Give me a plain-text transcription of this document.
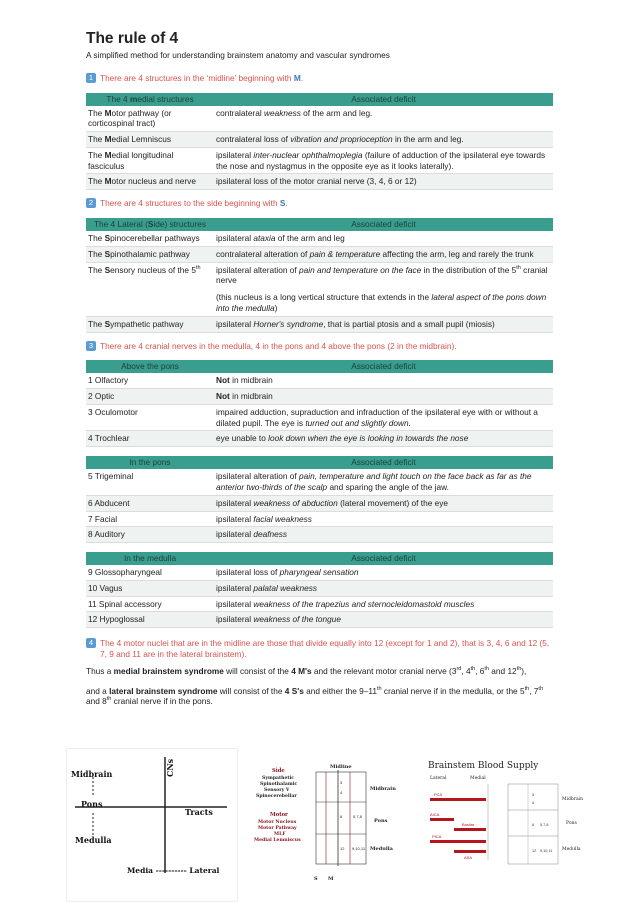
The rule of 4
A simplified method for understanding brainstem anatomy and vascular syndromes
1 There are 4 structures in the ‘midline’ beginning with M.
The 4 medial structures	Associated deficit
The Motor pathway (or corticospinal tract)	contralateral weakness of the arm and leg.
The Medial Lemniscus	contralateral loss of vibration and proprioception in the arm and leg.
The Medial longitudinal fasciculus	ipsilateral inter-nuclear ophthalmoplegia (failure of adduction of the ipsilateral eye towards the nose and nystagmus in the opposite eye as it looks laterally).
The Motor nucleus and nerve	ipsilateral loss of the motor cranial nerve (3, 4, 6 or 12)
2 There are 4 structures to the side beginning with S.
The 4 Lateral (Side) structures	Associated deficit
The Spinocerebellar pathways	ipsilateral ataxia of the arm and leg
The Spinothalamic pathway	contralateral alteration of pain & temperature affecting the arm, leg and rarely the trunk
The Sensory nucleus of the 5th	ipsilateral alteration of pain and temperature on the face in the distribution of the 5th cranial nerve

(this nucleus is a long vertical structure that extends in the lateral aspect of the pons down into the medulla)

The Sympathetic pathway	ipsilateral Horner's syndrome, that is partial ptosis and a small pupil (miosis)
3 There are 4 cranial nerves in the medulla, 4 in the pons and 4 above the pons (2 in the midbrain).
Above the pons	Associated deficit
1 Olfactory	Not in midbrain
2 Optic	Not in midbrain
3 Oculomotor	impaired adduction, supraduction and infraduction of the ipsilateral eye with or without a dilated pupil. The eye is turned out and slightly down.
4 Trochlear	eye unable to look down when the eye is looking in towards the nose
In the pons	Associated deficit
5 Trigeminal	ipsilateral alteration of pain, temperature and light touch on the face back as far as the anterior two-thirds of the scalp and sparing the angle of the jaw.
6 Abducent	ipsilateral weakness of abduction (lateral movement) of the eye
7 Facial	ipsilateral facial weakness
8 Auditory	ipsilateral deafness
In the medulla	Associated deficit
9 Glossopharyngeal	ipsilateral loss of pharyngeal sensation
10 Vagus	ipsilateral palatal weakness
11 Spinal accessory	ipsilateral weakness of the trapezius and sternocleidomastoid muscles
12 Hypoglossal	ipsilateral weakness of the tongue
4 The 4 motor nuclei that are in the midline are those that divide equally into 12 (except for 1 and 2), that is 3, 4, 6 and 12 (5, 7, 9 and 11 are in the lateral brainstem).

Thus a medial brainstem syndrome will consist of the 4 M's and the relevant motor cranial nerve (3rd, 4th, 6th and 12th),

and a lateral brainstem syndrome will consist of the 4 S's and either the 9–11th cranial nerve if in the medulla, or the 5th, 7th and 8th cranial nerve if in the pons.

Midbrain
Pons
Medulla
CNs
Tracts
Media ---------- Lateral
Side
Sympathetic
Spinothalamic
Sensory V
Spinocerebellar
Motor
Motor Nucleus
Motor Pathway
MLF
Medial Lemniscus
Midline
3
4
6	5,7,8
12 9,10,11
Midbrain
Pons
Medulla
S M
Brainstem Blood Supply
Lateral	Medial
PCA
AICA
Basilar
PICA
ASA
3
4
6 5,7,8
12 9,10,11
Midbrain
Pons
Medulla
